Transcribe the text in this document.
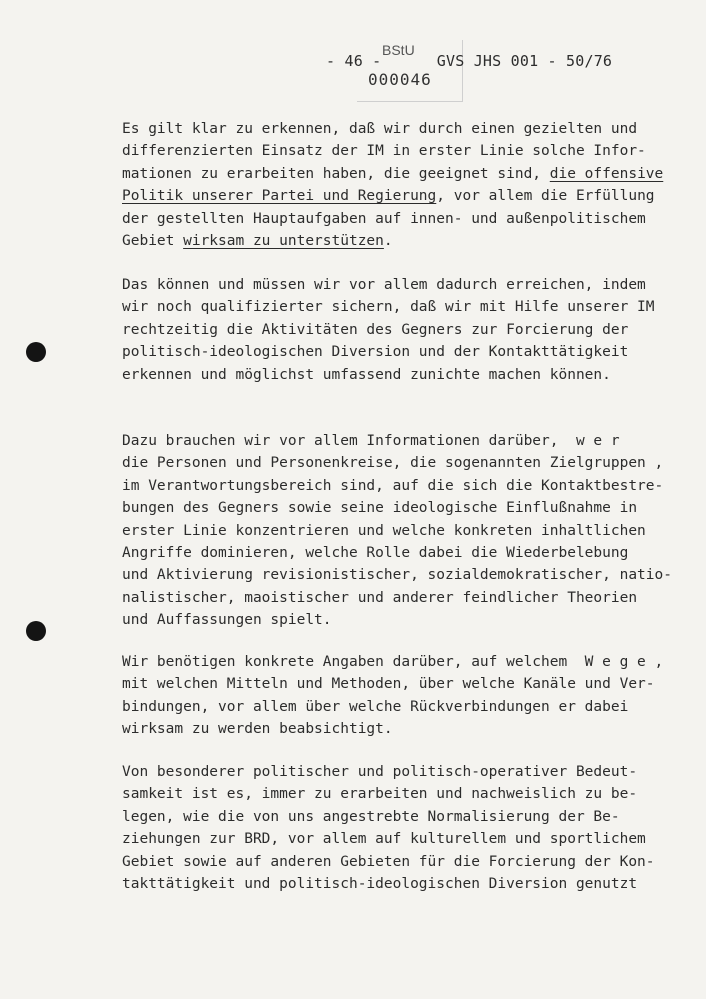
BStU
000046
- 46 -	GVS JHS 001 - 50/76
Es gilt klar zu erkennen, daß wir durch einen gezielten und
differenzierten Einsatz der IM in erster Linie solche Infor-
mationen zu erarbeiten haben, die geeignet sind, die offensive
Politik unserer Partei und Regierung, vor allem die Erfüllung
der gestellten Hauptaufgaben auf innen- und außenpolitischem
Gebiet wirksam zu unterstützen.
Das können und müssen wir vor allem dadurch erreichen, indem
wir noch qualifizierter sichern, daß wir mit Hilfe unserer IM
rechtzeitig die Aktivitäten des Gegners zur Forcierung der
politisch-ideologischen Diversion und der Kontakttätigkeit
erkennen und möglichst umfassend zunichte machen können.
Dazu brauchen wir vor allem Informationen darüber,  w e r
die Personen und Personenkreise, die sogenannten Zielgruppen ,
im Verantwortungsbereich sind, auf die sich die Kontaktbestre-
bungen des Gegners sowie seine ideologische Einflußnahme in
erster Linie konzentrieren und welche konkreten inhaltlichen
Angriffe dominieren, welche Rolle dabei die Wiederbelebung
und Aktivierung revisionistischer, sozialdemokratischer, natio-
nalistischer, maoistischer und anderer feindlicher Theorien
und Auffassungen spielt.
Wir benötigen konkrete Angaben darüber, auf welchem  W e g e ,
mit welchen Mitteln und Methoden, über welche Kanäle und Ver-
bindungen, vor allem über welche Rückverbindungen er dabei
wirksam zu werden beabsichtigt.
Von besonderer politischer und politisch-operativer Bedeut-
samkeit ist es, immer zu erarbeiten und nachweislich zu be-
legen, wie die von uns angestrebte Normalisierung der Be-
ziehungen zur BRD, vor allem auf kulturellem und sportlichem
Gebiet sowie auf anderen Gebieten für die Forcierung der Kon-
takttätigkeit und politisch-ideologischen Diversion genutzt
